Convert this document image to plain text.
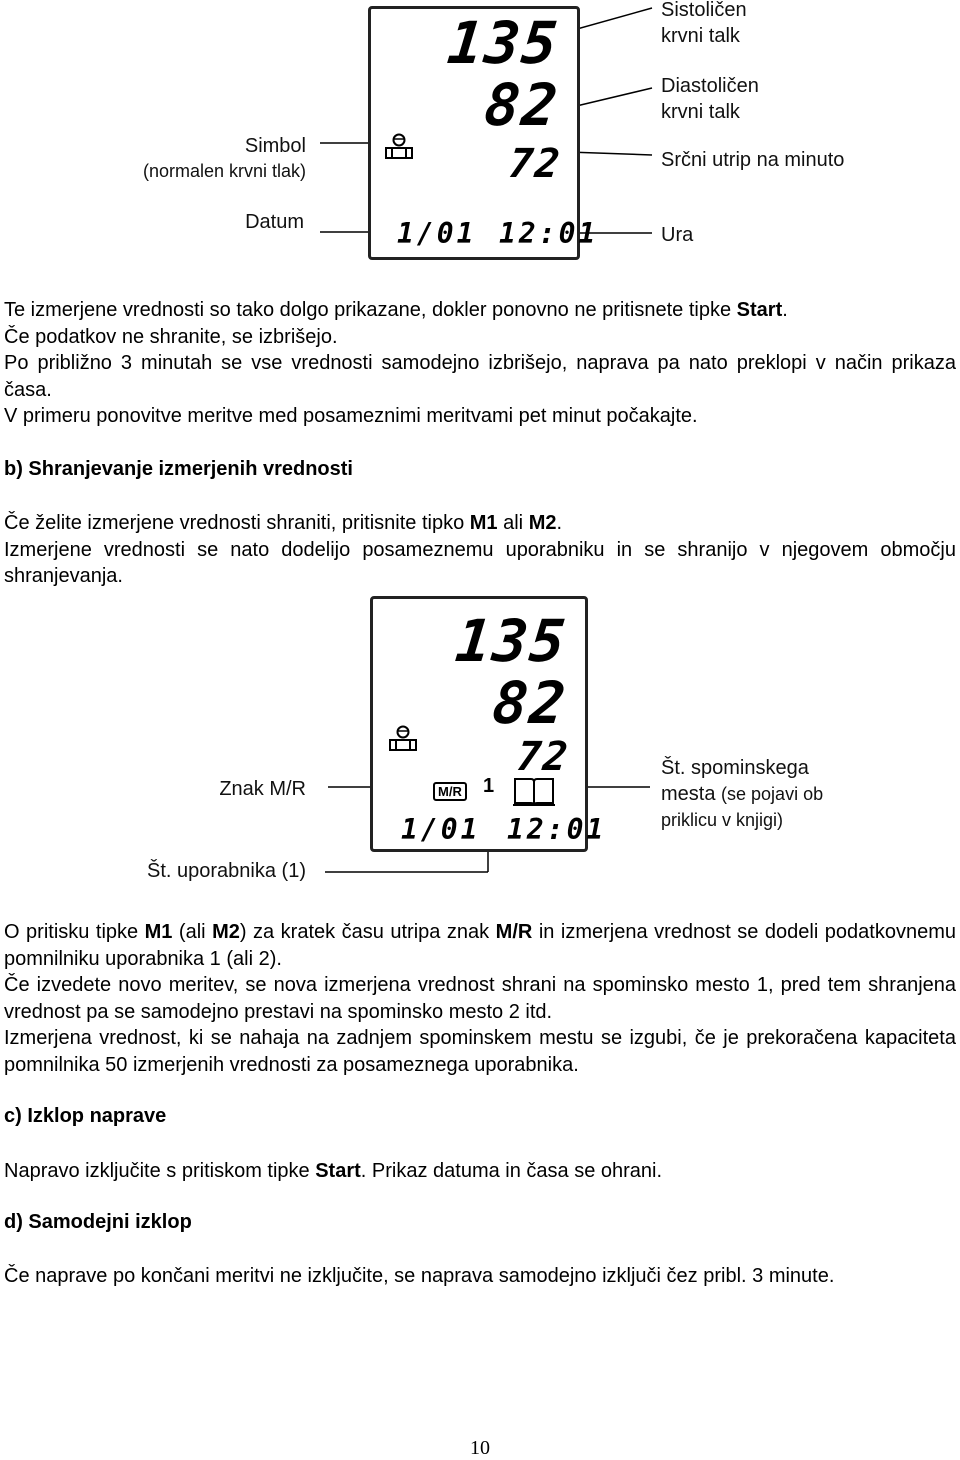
135
82
72
1/01 12:01
Sistoličen
krvni talk
Diastoličen
krvni talk
Srčni utrip na minuto
Ura
Simbol
(normalen krvni tlak)
Datum

Te izmerjene vrednosti so tako dolgo prikazane, dokler ponovno ne pritisnete tipke Start.

Če podatkov ne shranite, se izbrišejo.

Po približno 3 minutah se vse vrednosti samodejno izbrišejo, naprava pa nato preklopi v način prikaza časa.

V primeru ponovitve meritve med posameznimi meritvami pet minut počakajte.

b) Shranjevanje izmerjenih vrednosti

Če želite izmerjene vrednosti shraniti, pritisnite tipko M1 ali M2.

Izmerjene vrednosti se nato dodelijo posameznemu uporabniku in se shranijo v njegovem območju shranjevanja.

135
82
72
M/R 1
1/01 12:01
Znak M/R
Št. spominskega
mesta (se pojavi ob
priklicu v knjigi)
Št. uporabnika (1)

O pritisku tipke M1 (ali M2) za kratek času utripa znak M/R in izmerjena vrednost se dodeli podatkovnemu pomnilniku uporabnika 1 (ali 2).

Če izvedete novo meritev, se nova izmerjena vrednost shrani na spominsko mesto 1, pred tem shranjena vrednost pa se samodejno prestavi na spominsko mesto 2 itd.

Izmerjena vrednost, ki se nahaja na zadnjem spominskem mestu se izgubi, če je prekoračena kapaciteta pomnilnika 50 izmerjenih vrednosti za posameznega uporabnika.

c) Izklop naprave

Napravo izključite s pritiskom tipke Start. Prikaz datuma in časa se ohrani.

d) Samodejni izklop

Če naprave po končani meritvi ne izključite, se naprava samodejno izključi čez pribl. 3 minute.

10
